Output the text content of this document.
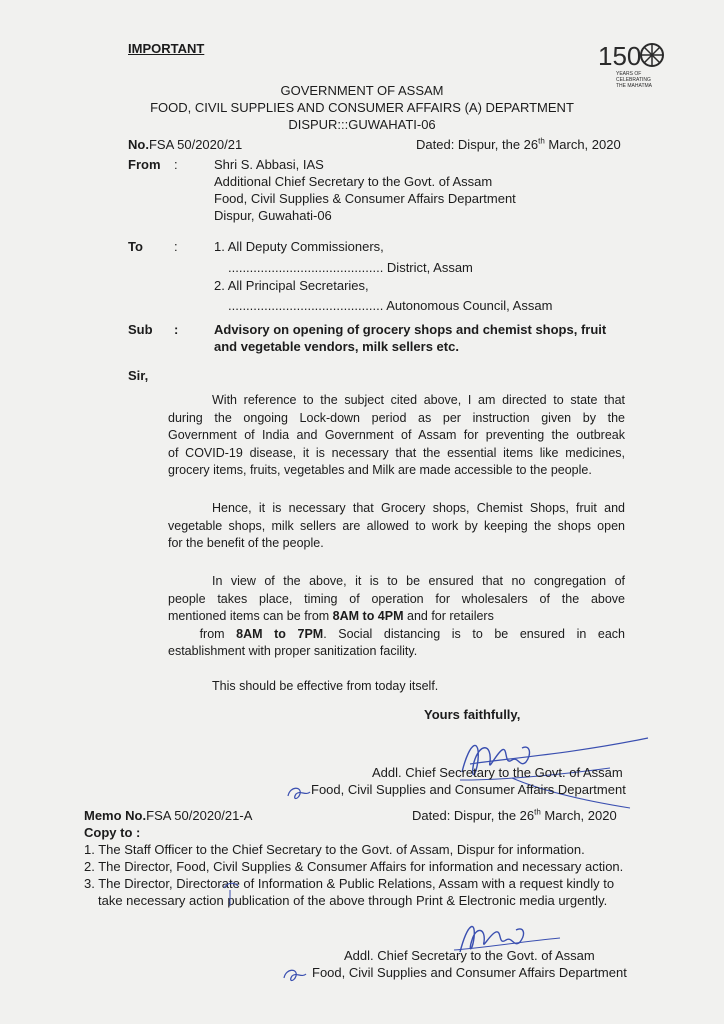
IMPORTANT	150
YEARS OF
CELEBRATING
THE MAHATMA
GOVERNMENT OF ASSAM
FOOD, CIVIL SUPPLIES AND CONSUMER AFFAIRS (A) DEPARTMENT
DISPUR:::GUWAHATI-06
No.FSA 50/2020/21	Dated: Dispur, the 26th March, 2020
From :	Shri S. Abbasi, IAS
Additional Chief Secretary to the Govt. of Assam
Food, Civil Supplies & Consumer Affairs Department
Dispur, Guwahati-06
To :	1. All Deputy Commissioners,
........................................... District, Assam
2. All Principal Secretaries,
........................................... Autonomous Council, Assam
Sub :	Advisory on opening of grocery shops and chemist shops, fruit
and vegetable vendors, milk sellers etc.
Sir,
With reference to the subject cited above, I am directed to state that
during the ongoing Lock-down period as per instruction given by the
Government of India and Government of Assam for preventing the outbreak
of COVID-19 disease, it is necessary that the essential items like medicines,
grocery items, fruits, vegetables and Milk are made accessible to the people.
Hence, it is necessary that Grocery shops, Chemist Shops, fruit and
vegetable shops, milk sellers are allowed to work by keeping the shops open
for the benefit of the people.
In view of the above, it is to be ensured that no congregation of
people takes place, timing of operation for wholesalers of the above
mentioned items can be from 8AM to 4PM and for retailers
from 8AM to 7PM. Social distancing is to be ensured in each
establishment with proper sanitization facility.
This should be effective from today itself.
Yours faithfully,
Addl. Chief Secretary to the Govt. of Assam
Food, Civil Supplies and Consumer Affairs Department
Memo No.FSA 50/2020/21-A	Dated: Dispur, the 26th March, 2020
Copy to :
1. The Staff Officer to the Chief Secretary to the Govt. of Assam, Dispur for information.
2. The Director, Food, Civil Supplies & Consumer Affairs for information and necessary action.
3. The Director, Directorate of Information & Public Relations, Assam with a request kindly to
take necessary action publication of the above through Print & Electronic media urgently.
Addl. Chief Secretary to the Govt. of Assam
Food, Civil Supplies and Consumer Affairs Department
